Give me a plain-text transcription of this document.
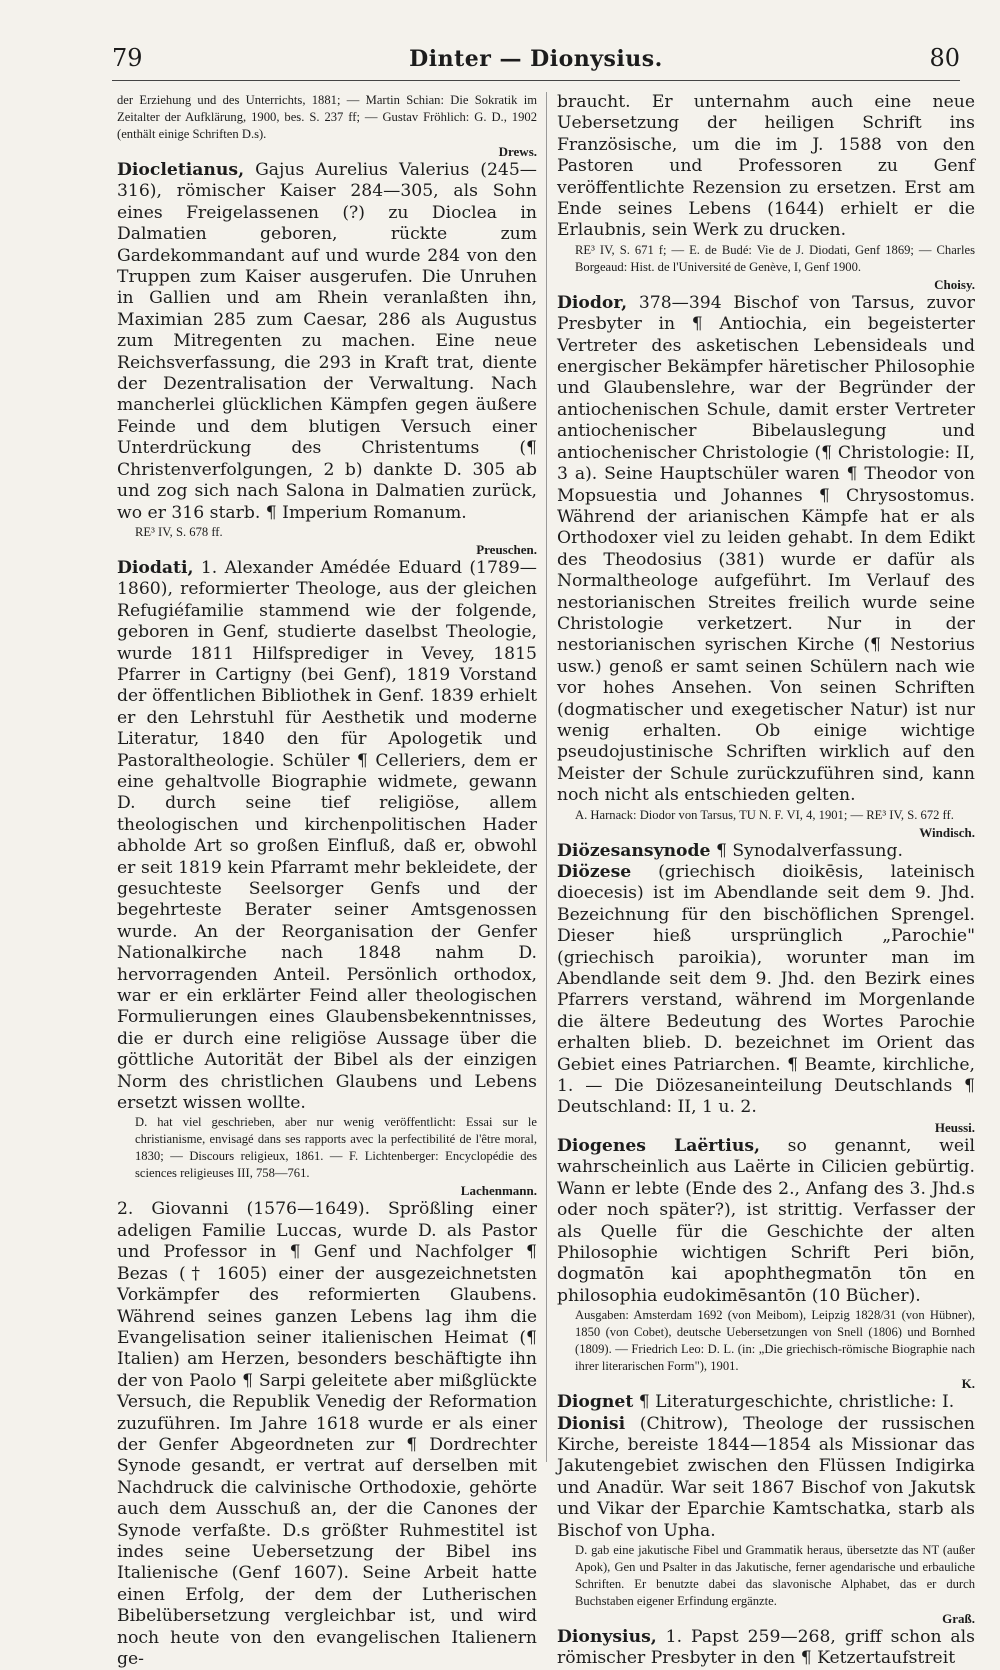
79	Dinter — Dionysius.	80

der Erziehung und des Unterrichts, 1881; — Martin Schian: Die Sokratik im Zeitalter der Aufklärung, 1900, bes. S. 237 ff; — Gustav Fröhlich: G. D., 1902 (enthält einige Schriften D.s).

Drews.

Diocletianus, Gajus Aurelius Valerius (245—316), römischer Kaiser 284—305, als Sohn eines Freigelassenen (?) zu Dioclea in Dalmatien geboren, rückte zum Gardekommandant auf und wurde 284 von den Truppen zum Kaiser ausgerufen. Die Unruhen in Gallien und am Rhein veranlaßten ihn, Maximian 285 zum Caesar, 286 als Augustus zum Mitregenten zu machen. Eine neue Reichsverfassung, die 293 in Kraft trat, diente der Dezentralisation der Verwaltung. Nach mancherlei glücklichen Kämpfen gegen äußere Feinde und dem blutigen Versuch einer Unterdrückung des Christentums (¶ Christenverfolgungen, 2 b) dankte D. 305 ab und zog sich nach Salona in Dalmatien zurück, wo er 316 starb. ¶ Imperium Romanum.

RE³ IV, S. 678 ff.

Preuschen.

Diodati, 1. Alexander Amédée Eduard (1789—1860), reformierter Theologe, aus der gleichen Refugiéfamilie stammend wie der folgende, geboren in Genf, studierte daselbst Theologie, wurde 1811 Hilfsprediger in Vevey, 1815 Pfarrer in Cartigny (bei Genf), 1819 Vorstand der öffentlichen Bibliothek in Genf. 1839 erhielt er den Lehrstuhl für Aesthetik und moderne Literatur, 1840 den für Apologetik und Pastoraltheologie. Schüler ¶ Celleriers, dem er eine gehaltvolle Biographie widmete, gewann D. durch seine tief religiöse, allem theologischen und kirchenpolitischen Hader abholde Art so großen Einfluß, daß er, obwohl er seit 1819 kein Pfarramt mehr bekleidete, der gesuchteste Seelsorger Genfs und der begehrteste Berater seiner Amtsgenossen wurde. An der Reorganisation der Genfer Nationalkirche nach 1848 nahm D. hervorragenden Anteil. Persönlich orthodox, war er ein erklärter Feind aller theologischen Formulierungen eines Glaubensbekenntnisses, die er durch eine religiöse Aussage über die göttliche Autorität der Bibel als der einzigen Norm des christlichen Glaubens und Lebens ersetzt wissen wollte.

D. hat viel geschrieben, aber nur wenig veröffentlicht: Essai sur le christianisme, envisagé dans ses rapports avec la perfectibilité de l'être moral, 1830; — Discours religieux, 1861. — F. Lichtenberger: Encyclopédie des sciences religieuses III, 758—761.

Lachenmann.

2. Giovanni (1576—1649). Sprößling einer adeligen Familie Luccas, wurde D. als Pastor und Professor in ¶ Genf und Nachfolger ¶ Bezas († 1605) einer der ausgezeichnetsten Vorkämpfer des reformierten Glaubens. Während seines ganzen Lebens lag ihm die Evangelisation seiner italienischen Heimat (¶ Italien) am Herzen, besonders beschäftigte ihn der von Paolo ¶ Sarpi geleitete aber mißglückte Versuch, die Republik Venedig der Reformation zuzuführen. Im Jahre 1618 wurde er als einer der Genfer Abgeordneten zur ¶ Dordrechter Synode gesandt, er vertrat auf derselben mit Nachdruck die calvinische Orthodoxie, gehörte auch dem Ausschuß an, der die Canones der Synode verfaßte. D.s größter Ruhmestitel ist indes seine Uebersetzung der Bibel ins Italienische (Genf 1607). Seine Arbeit hatte einen Erfolg, der dem der Lutherischen Bibelübersetzung vergleichbar ist, und wird noch heute von den evangelischen Italienern ge-

braucht. Er unternahm auch eine neue Uebersetzung der heiligen Schrift ins Französische, um die im J. 1588 von den Pastoren und Professoren zu Genf veröffentlichte Rezension zu ersetzen. Erst am Ende seines Lebens (1644) erhielt er die Erlaubnis, sein Werk zu drucken.

RE³ IV, S. 671 f; — E. de Budé: Vie de J. Diodati, Genf 1869; — Charles Borgeaud: Hist. de l'Université de Genève, I, Genf 1900.

Choisy.

Diodor, 378—394 Bischof von Tarsus, zuvor Presbyter in ¶ Antiochia, ein begeisterter Vertreter des asketischen Lebensideals und energischer Bekämpfer häretischer Philosophie und Glaubenslehre, war der Begründer der antiochenischen Schule, damit erster Vertreter antiochenischer Bibelauslegung und antiochenischer Christologie (¶ Christologie: II, 3 a). Seine Hauptschüler waren ¶ Theodor von Mopsuestia und Johannes ¶ Chrysostomus. Während der arianischen Kämpfe hat er als Orthodoxer viel zu leiden gehabt. In dem Edikt des Theodosius (381) wurde er dafür als Normaltheologe aufgeführt. Im Verlauf des nestorianischen Streites freilich wurde seine Christologie verketzert. Nur in der nestorianischen syrischen Kirche (¶ Nestorius usw.) genoß er samt seinen Schülern nach wie vor hohes Ansehen. Von seinen Schriften (dogmatischer und exegetischer Natur) ist nur wenig erhalten. Ob einige wichtige pseudojustinische Schriften wirklich auf den Meister der Schule zurückzuführen sind, kann noch nicht als entschieden gelten.

A. Harnack: Diodor von Tarsus, TU N. F. VI, 4, 1901; — RE³ IV, S. 672 ff.

Windisch.

Diözesansynode ¶ Synodalverfassung.

Diözese (griechisch dioikēsis, lateinisch dioecesis) ist im Abendlande seit dem 9. Jhd. Bezeichnung für den bischöflichen Sprengel. Dieser hieß ursprünglich „Parochie" (griechisch paroikia), worunter man im Abendlande seit dem 9. Jhd. den Bezirk eines Pfarrers verstand, während im Morgenlande die ältere Bedeutung des Wortes Parochie erhalten blieb. D. bezeichnet im Orient das Gebiet eines Patriarchen. ¶ Beamte, kirchliche, 1. — Die Diözesaneinteilung Deutschlands ¶ Deutschland: II, 1 u. 2.

Heussi.

Diogenes Laërtius, so genannt, weil wahrscheinlich aus Laërte in Cilicien gebürtig. Wann er lebte (Ende des 2., Anfang des 3. Jhd.s oder noch später?), ist strittig. Verfasser der als Quelle für die Geschichte der alten Philosophie wichtigen Schrift Peri biōn, dogmatōn kai apophthegmatōn tōn en philosophia eudokimēsantōn (10 Bücher).

Ausgaben: Amsterdam 1692 (von Meibom), Leipzig 1828/31 (von Hübner), 1850 (von Cobet), deutsche Uebersetzungen von Snell (1806) und Bornhed (1809). — Friedrich Leo: D. L. (in: „Die griechisch-römische Biographie nach ihrer literarischen Form"), 1901.

K.

Diognet ¶ Literaturgeschichte, christliche: I.

Dionisi (Chitrow), Theologe der russischen Kirche, bereiste 1844—1854 als Missionar das Jakutengebiet zwischen den Flüssen Indigirka und Anadür. War seit 1867 Bischof von Jakutsk und Vikar der Eparchie Kamtschatka, starb als Bischof von Upha.

D. gab eine jakutische Fibel und Grammatik heraus, übersetzte das NT (außer Apok), Gen und Psalter in das Jakutische, ferner agendarische und erbauliche Schriften. Er benutzte dabei das slavonische Alphabet, das er durch Buchstaben eigener Erfindung ergänzte.

Graß.

Dionysius, 1. Papst 259—268, griff schon als römischer Presbyter in den ¶ Ketzertaufstreit
